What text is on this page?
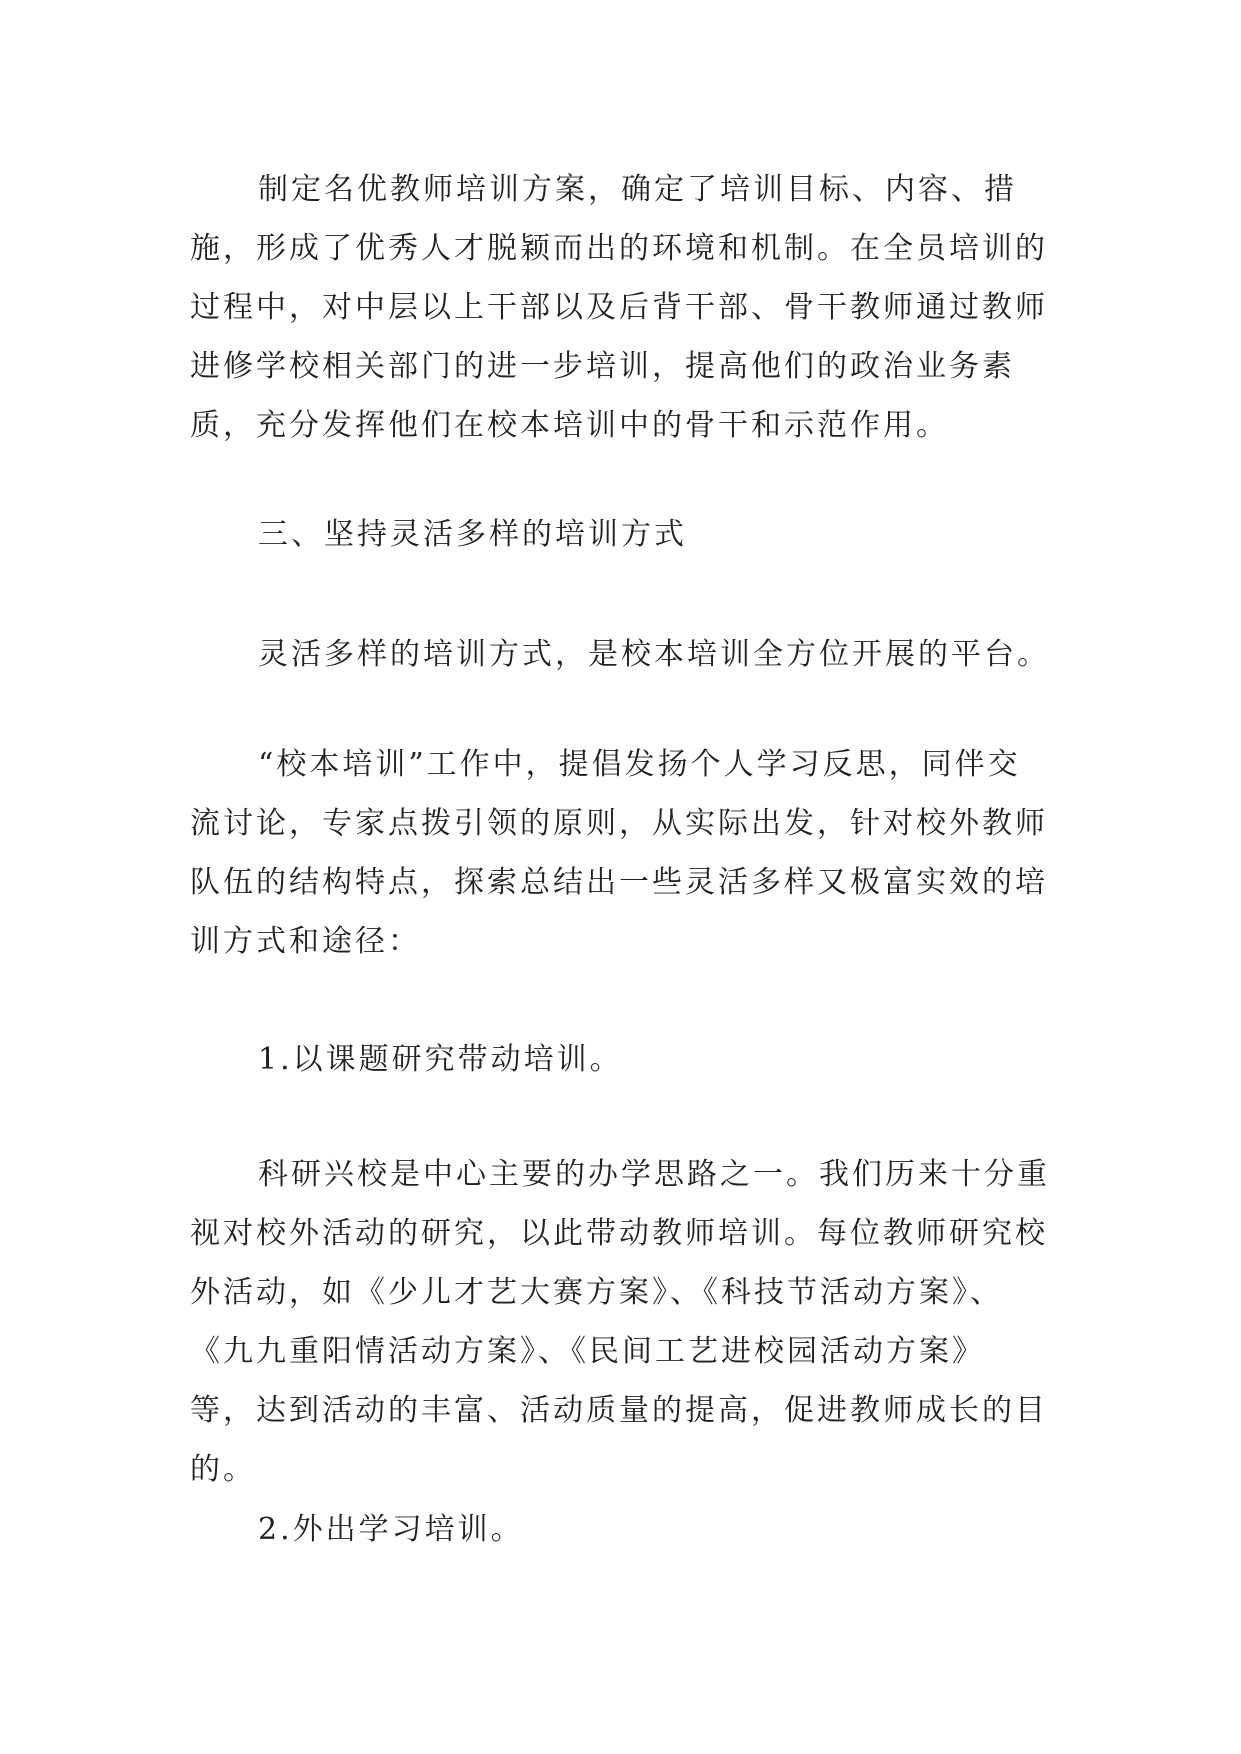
制定名优教师培训方案，确定了培训目标、内容、措施，形成了优秀人才脱颖而出的环境和机制。在全员培训的过程中，对中层以上干部以及后背干部、骨干教师通过教师进修学校相关部门的进一步培训，提高他们的政治业务素质，充分发挥他们在校本培训中的骨干和示范作用。
三、坚持灵活多样的培训方式
灵活多样的培训方式，是校本培训全方位开展的平台。
“校本培训”工作中，提倡发扬个人学习反思，同伴交流讨论，专家点拨引领的原则，从实际出发，针对校外教师队伍的结构特点，探索总结出一些灵活多样又极富实效的培训方式和途径：
1.以课题研究带动培训。
科研兴校是中心主要的办学思路之一。我们历来十分重视对校外活动的研究，以此带动教师培训。每位教师研究校外活动，如《少儿才艺大赛方案》、《科技节活动方案》、《九九重阳情活动方案》、《民间工艺进校园活动方案》等，达到活动的丰富、活动质量的提高，促进教师成长的目的。
2.外出学习培训。
